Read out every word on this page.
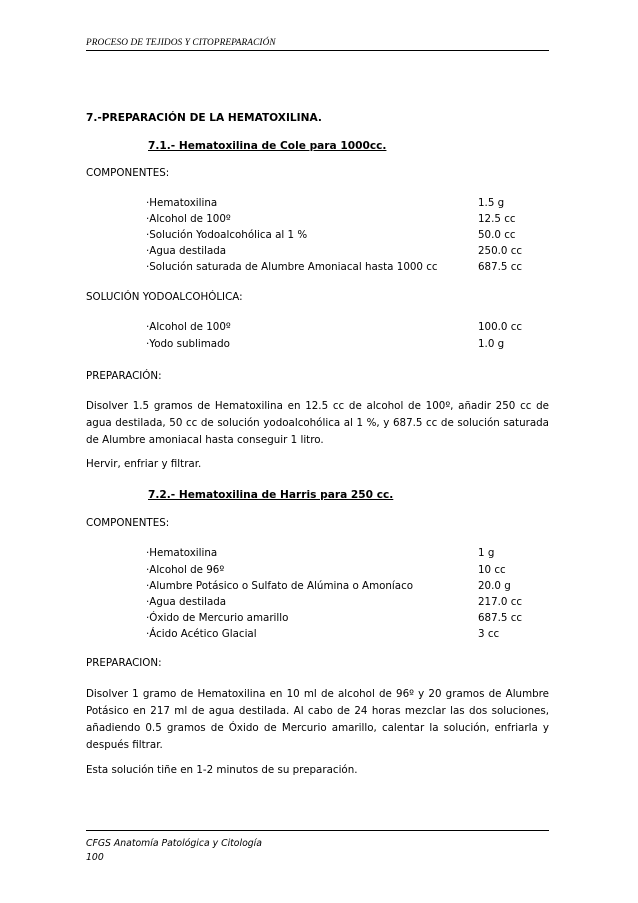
PROCESO DE TEJIDOS Y CITOPREPARACIÓN
7.-PREPARACIÓN DE LA HEMATOXILINA.
7.1.- Hematoxilina de Cole para 1000cc.
COMPONENTES:
·Hematoxilina	1.5 g
·Alcohol de 100º	12.5 cc
·Solución Yodoalcohólica al 1 %	50.0 cc
·Agua destilada	250.0 cc
·Solución saturada de Alumbre Amoniacal hasta 1000 cc	687.5 cc
SOLUCIÓN YODOALCOHÓLICA:
·Alcohol de 100º	100.0 cc
·Yodo sublimado	1.0 g
PREPARACIÓN:
Disolver 1.5 gramos de Hematoxilina en 12.5 cc de alcohol de 100º, añadir 250 cc de agua destilada, 50 cc de solución yodoalcohólica al 1 %, y 687.5 cc de solución saturada de Alumbre amoniacal hasta conseguir 1 litro.
Hervir, enfriar y filtrar.
7.2.- Hematoxilina de Harris para 250 cc.
COMPONENTES:
·Hematoxilina	1 g
·Alcohol de 96º	10 cc
·Alumbre Potásico o Sulfato de Alúmina o Amoníaco	20.0 g
·Agua destilada	217.0 cc
·Óxido de Mercurio amarillo	687.5 cc
·Ácido Acético Glacial	3 cc
PREPARACION:
Disolver 1 gramo de Hematoxilina en 10 ml de alcohol de 96º y 20 gramos de Alumbre Potásico en 217 ml de agua destilada. Al cabo de 24 horas mezclar las dos soluciones, añadiendo 0.5 gramos de Óxido de Mercurio amarillo, calentar la solución, enfriarla y después filtrar.
Esta solución tiñe en 1-2 minutos de su preparación.
CFGS Anatomía Patológica y Citología
100
